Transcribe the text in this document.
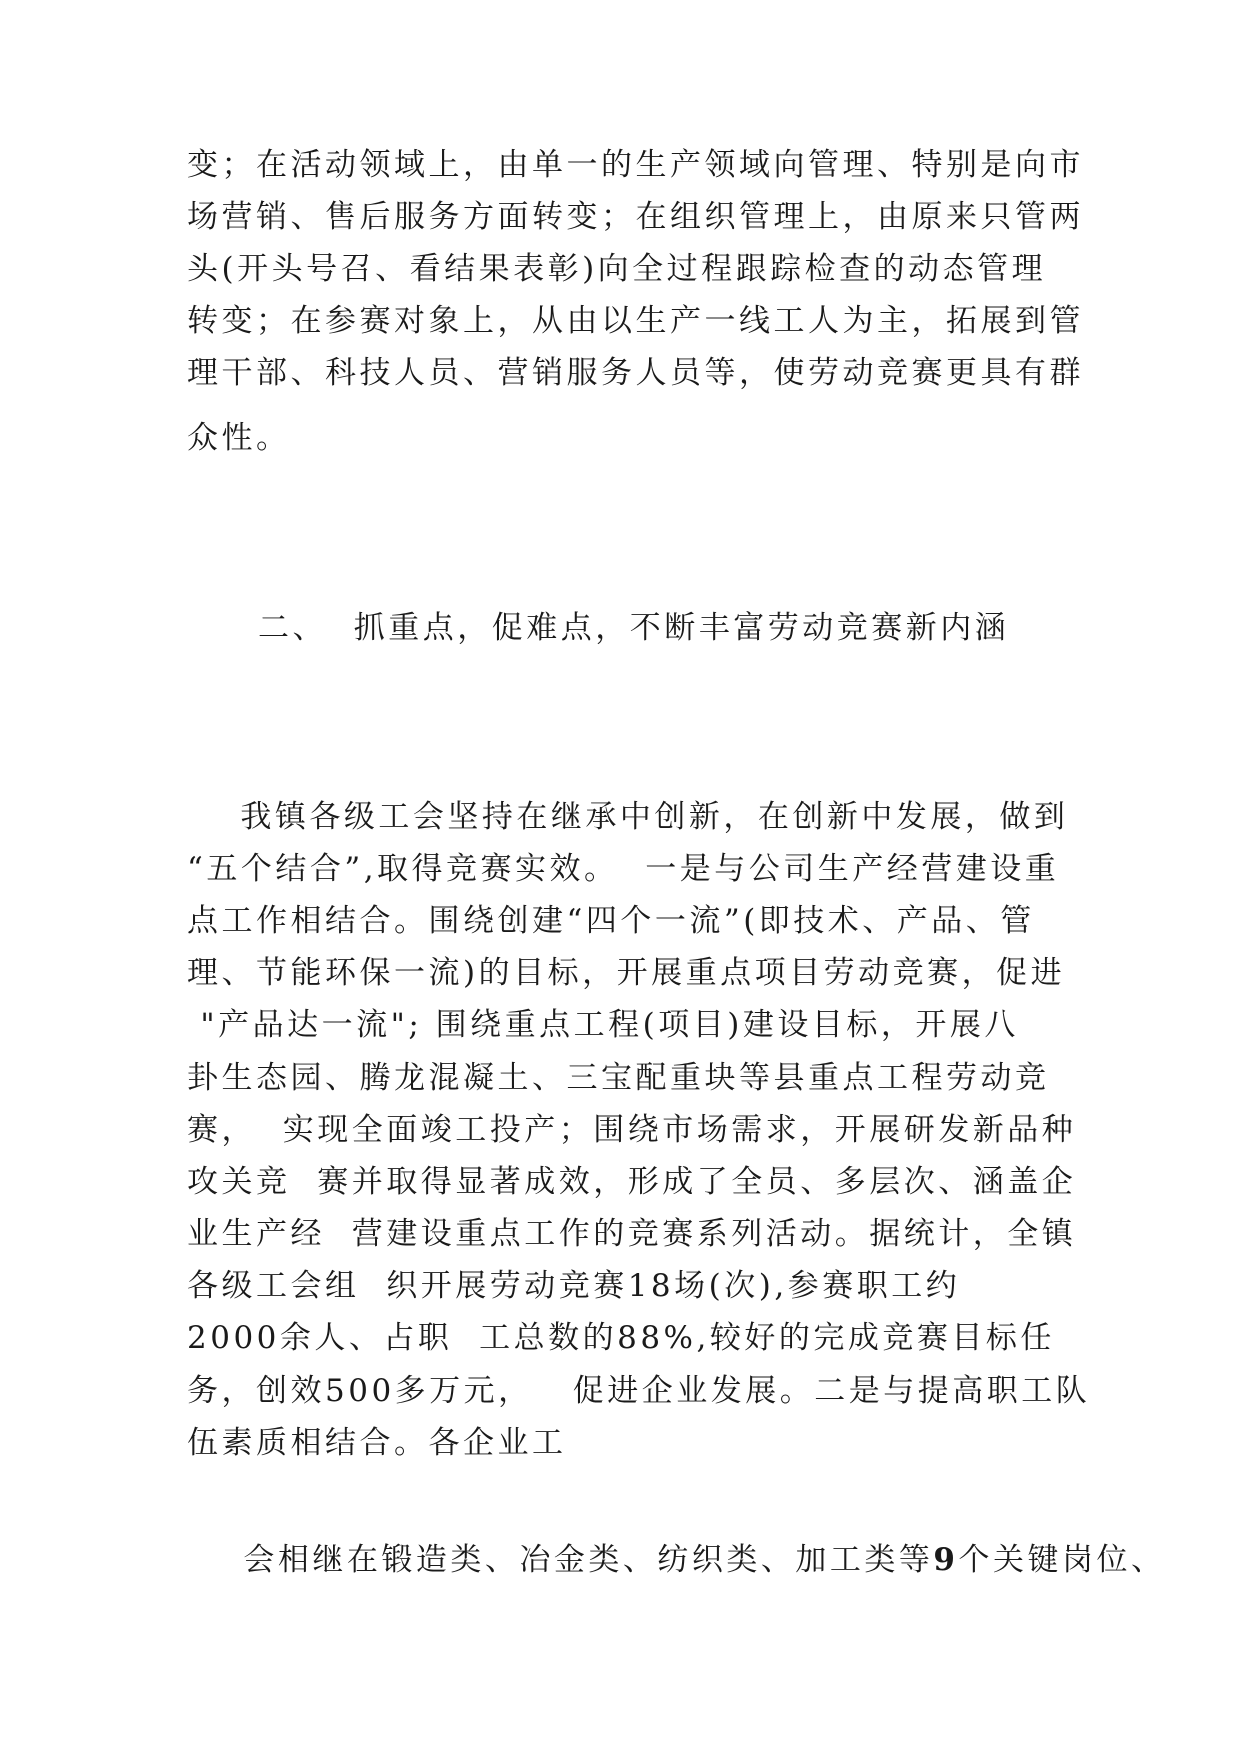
变；在活动领域上，由单一的生产领域向管理、特别是向市
场营销、售后服务方面转变；在组织管理上，由原来只管两
头(开头号召、看结果表彰)向全过程跟踪检查的动态管理
转变；在参赛对象上，从由以生产一线工人为主，拓展到管
理干部、科技人员、营销服务人员等，使劳动竞赛更具有群
众性。
二、  抓重点，促难点，不断丰富劳动竞赛新内涵
我镇各级工会坚持在继承中创新，在创新中发展，做到
“五个结合”,取得竞赛实效。  一是与公司生产经营建设重
点工作相结合。围绕创建“四个一流”(即技术、产品、管
理、节能环保一流)的目标，开展重点项目劳动竞赛，促进
"产品达一流"; 围绕重点工程(项目)建设目标，开展八
卦生态园、腾龙混凝土、三宝配重块等县重点工程劳动竞
赛，  实现全面竣工投产；围绕市场需求，开展研发新品种
攻关竞  赛并取得显著成效，形成了全员、多层次、涵盖企
业生产经  营建设重点工作的竞赛系列活动。据统计，全镇
各级工会组  织开展劳动竞赛18场(次),参赛职工约
2000余人、占职  工总数的88%,较好的完成竞赛目标任
务，创效500多万元，   促进企业发展。二是与提高职工队
伍素质相结合。各企业工

会相继在锻造类、冶金类、纺织类、加工类等9个关键岗位、
